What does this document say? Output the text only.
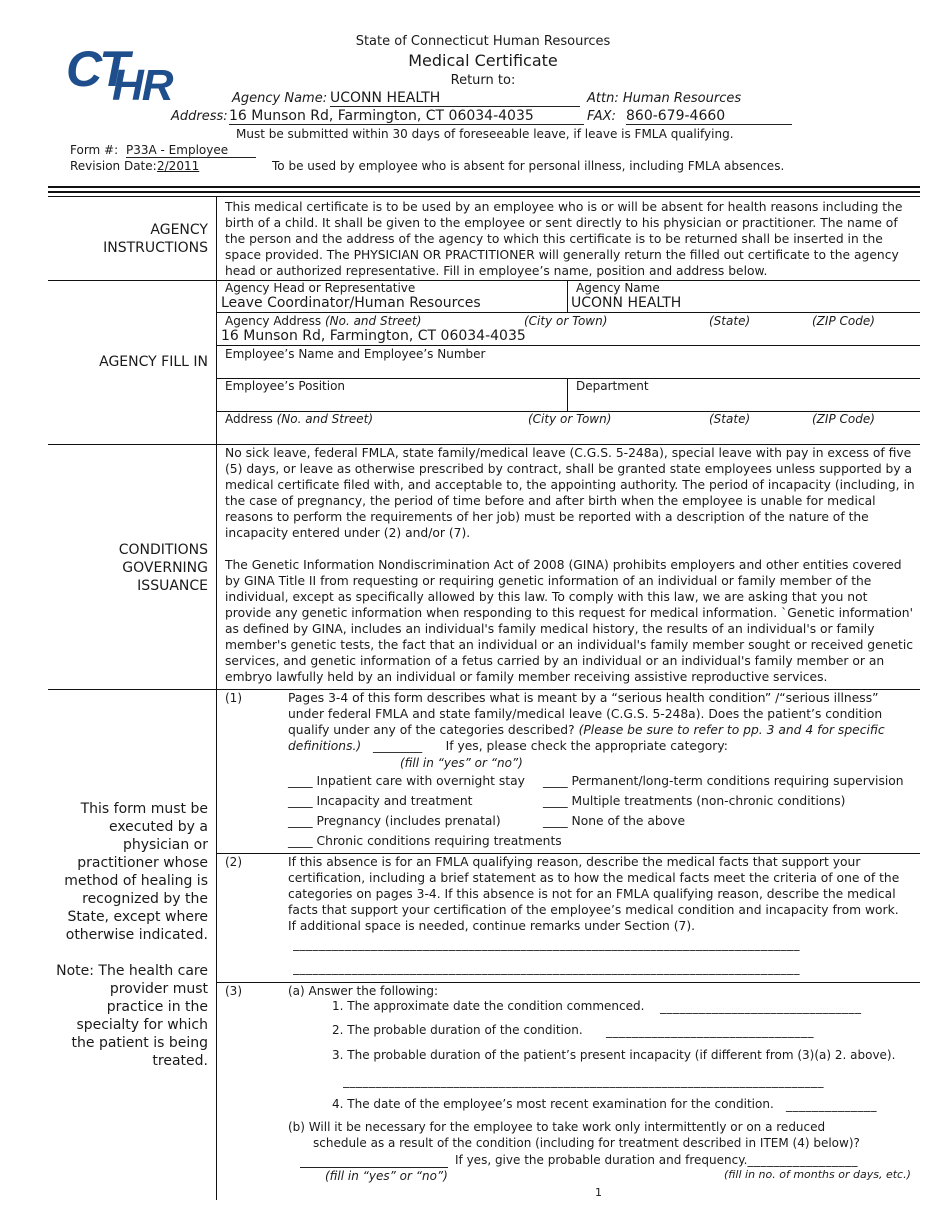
CT
HR
State of Connecticut Human Resources
Medical Certificate
Return to:
Agency Name: UCONN HEALTH	Attn: Human Resources
Address: 16 Munson Rd, Farmington, CT 06034-4035	FAX: 860-679-4660
Must be submitted within 30 days of foreseeable leave, if leave is FMLA qualifying.
Form #: P33A - Employee
Revision Date: 2/2011	To be used by employee who is absent for personal illness, including FMLA absences.
AGENCY
INSTRUCTIONS
This medical certificate is to be used by an employee who is or will be absent for health reasons including the birth of a child. It shall be given to the employee or sent directly to his physician or practitioner. The name of the person and the address of the agency to which this certificate is to be returned shall be inserted in the space provided. The PHYSICIAN OR PRACTITIONER will generally return the filled out certificate to the agency head or authorized representative. Fill in employee’s name, position and address below.
AGENCY FILL IN
Agency Head or Representative
Leave Coordinator/Human Resources
Agency Name
UCONN HEALTH
Agency Address (No. and Street)	(City or Town)	(State)	(ZIP Code)
16 Munson Rd, Farmington, CT 06034-4035
Employee’s Name and Employee’s Number
Employee’s Position	Department
Address (No. and Street)	(City or Town)	(State)	(ZIP Code)
CONDITIONS
GOVERNING
ISSUANCE
No sick leave, federal FMLA, state family/medical leave (C.G.S. 5-248a), special leave with pay in excess of five (5) days, or leave as otherwise prescribed by contract, shall be granted state employees unless supported by a medical certificate filed with, and acceptable to, the appointing authority. The period of incapacity (including, in the case of pregnancy, the period of time before and after birth when the employee is unable for medical reasons to perform the requirements of her job) must be reported with a description of the nature of the incapacity entered under (2) and/or (7).
The Genetic Information Nondiscrimination Act of 2008 (GINA) prohibits employers and other entities covered by GINA Title II from requesting or requiring genetic information of an individual or family member of the individual, except as specifically allowed by this law. To comply with this law, we are asking that you not provide any genetic information when responding to this request for medical information. `Genetic information' as defined by GINA, includes an individual's family medical history, the results of an individual's or family member's genetic tests, the fact that an individual or an individual's family member sought or received genetic services, and genetic information of a fetus carried by an individual or an individual's family member or an embryo lawfully held by an individual or family member receiving assistive reproductive services.
This form must be executed by a physician or practitioner whose method of healing is recognized by the State, except where otherwise indicated.
Note: The health care provider must practice in the specialty for which the patient is being treated.
(1)	Pages 3-4 of this form describes what is meant by a “serious health condition” /“serious illness” under federal FMLA and state family/medical leave (C.G.S. 5-248a). Does the patient’s condition qualify under any of the categories described? (Please be sure to refer to pp. 3 and 4 for specific definitions.) ________ If yes, please check the appropriate category:
(fill in “yes” or “no”)
____ Inpatient care with overnight stay ____ Permanent/long-term conditions requiring supervision
____ Incapacity and treatment	____ Multiple treatments (non-chronic conditions)
____ Pregnancy (includes prenatal)	____ None of the above
____ Chronic conditions requiring treatments
(2)	If this absence is for an FMLA qualifying reason, describe the medical facts that support your certification, including a brief statement as to how the medical facts meet the criteria of one of the categories on pages 3-4. If this absence is not for an FMLA qualifying reason, describe the medical facts that support your certification of the employee’s medical condition and incapacity from work. If additional space is needed, continue remarks under Section (7).
______________________________________________________________________________
______________________________________________________________________________
(3)	(a) Answer the following:
1. The approximate date the condition commenced. _______________________________
2. The probable duration of the condition. ________________________________
3. The probable duration of the patient’s present incapacity (if different from (3)(a) 2. above).
__________________________________________________________________________
4. The date of the employee’s most recent examination for the condition. ______________
(b) Will it be necessary for the employee to take work only intermittently or on a reduced
schedule as a result of the condition (including for treatment described in ITEM (4) below)?
If yes, give the probable duration and frequency._________________
(fill in “yes” or “no”)	(fill in no. of months or days, etc.)
1
